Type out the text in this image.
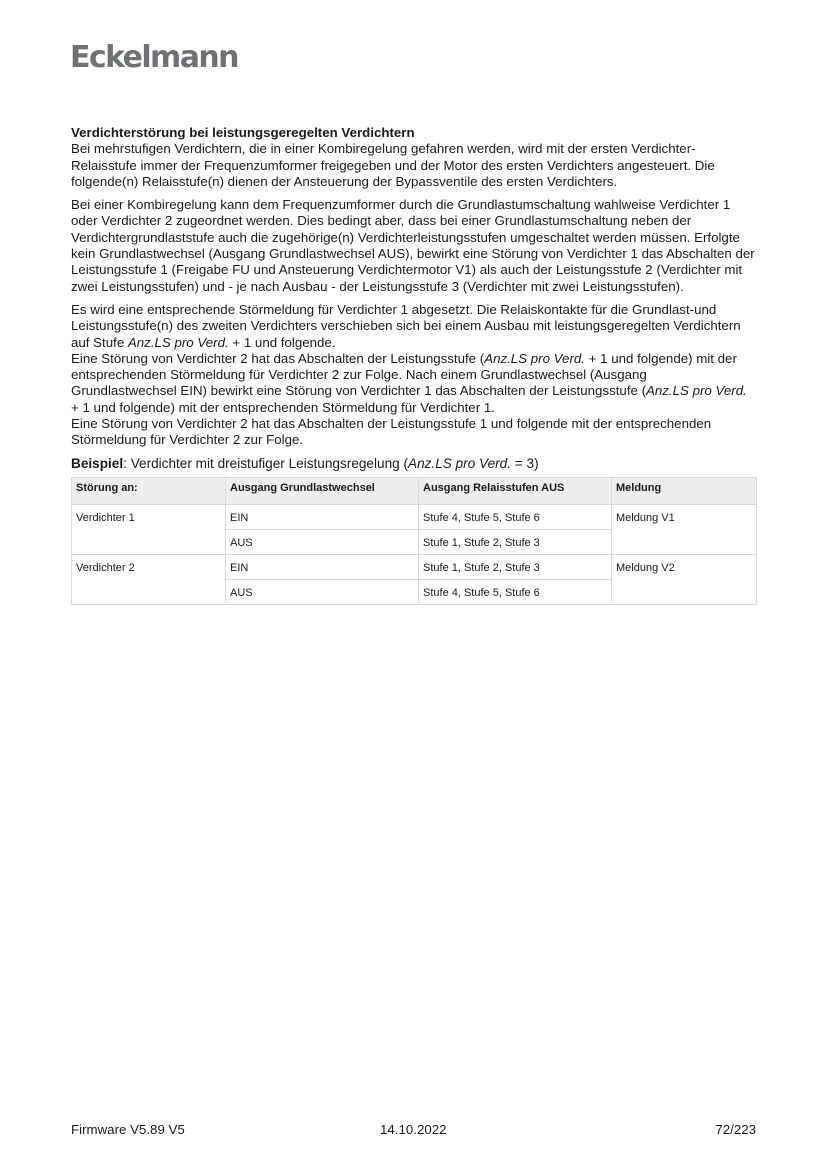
Eckelmann

Verdichterstörung bei leistungsgeregelten Verdichtern
Bei mehrstufigen Verdichtern, die in einer Kombiregelung gefahren werden, wird mit der ersten Verdichter-Relaisstufe immer der Frequenzumformer freigegeben und der Motor des ersten Verdichters angesteuert. Die folgende(n) Relaisstufe(n) dienen der Ansteuerung der Bypassventile des ersten Verdichters.

Bei einer Kombiregelung kann dem Frequenzumformer durch die Grundlastumschaltung wahlweise Verdichter 1 oder Verdichter 2 zugeordnet werden. Dies bedingt aber, dass bei einer Grundlastumschaltung neben der Verdichtergrundlaststufe auch die zugehörige(n) Verdichterleistungsstufen umgeschaltet werden müssen. Erfolgte kein Grundlastwechsel (Ausgang Grundlastwechsel AUS), bewirkt eine Störung von Verdichter 1 das Abschalten der Leistungsstufe 1 (Freigabe FU und Ansteuerung Verdichtermotor V1) als auch der Leistungsstufe 2 (Verdichter mit zwei Leistungsstufen) und - je nach Ausbau - der Leistungsstufe 3 (Verdichter mit zwei Leistungsstufen).

Es wird eine entsprechende Störmeldung für Verdichter 1 abgesetzt. Die Relaiskontakte für die Grundlast-und Leistungsstufe(n) des zweiten Verdichters verschieben sich bei einem Ausbau mit leistungsgeregelten Verdichtern auf Stufe Anz.LS pro Verd. + 1 und folgende.
Eine Störung von Verdichter 2 hat das Abschalten der Leistungsstufe (Anz.LS pro Verd. + 1 und folgende) mit der entsprechenden Störmeldung für Verdichter 2 zur Folge. Nach einem Grundlastwechsel (Ausgang Grundlastwechsel EIN) bewirkt eine Störung von Verdichter 1 das Abschalten der Leistungsstufe (Anz.LS pro Verd. + 1 und folgende) mit der entsprechenden Störmeldung für Verdichter 1.
Eine Störung von Verdichter 2 hat das Abschalten der Leistungsstufe 1 und folgende mit der entsprechenden Störmeldung für Verdichter 2 zur Folge.

Beispiel: Verdichter mit dreistufiger Leistungsregelung (Anz.LS pro Verd. = 3)
Störung an:	Ausgang Grundlastwechsel	Ausgang Relaisstufen AUS	Meldung
Verdichter 1	EIN	Stufe 4, Stufe 5, Stufe 6	Meldung V1
	AUS	Stufe 1, Stufe 2, Stufe 3	
Verdichter 2	EIN	Stufe 1, Stufe 2, Stufe 3	Meldung V2
	AUS	Stufe 4, Stufe 5, Stufe 6	
Firmware V5.89 V5	14.10.2022	72/223
